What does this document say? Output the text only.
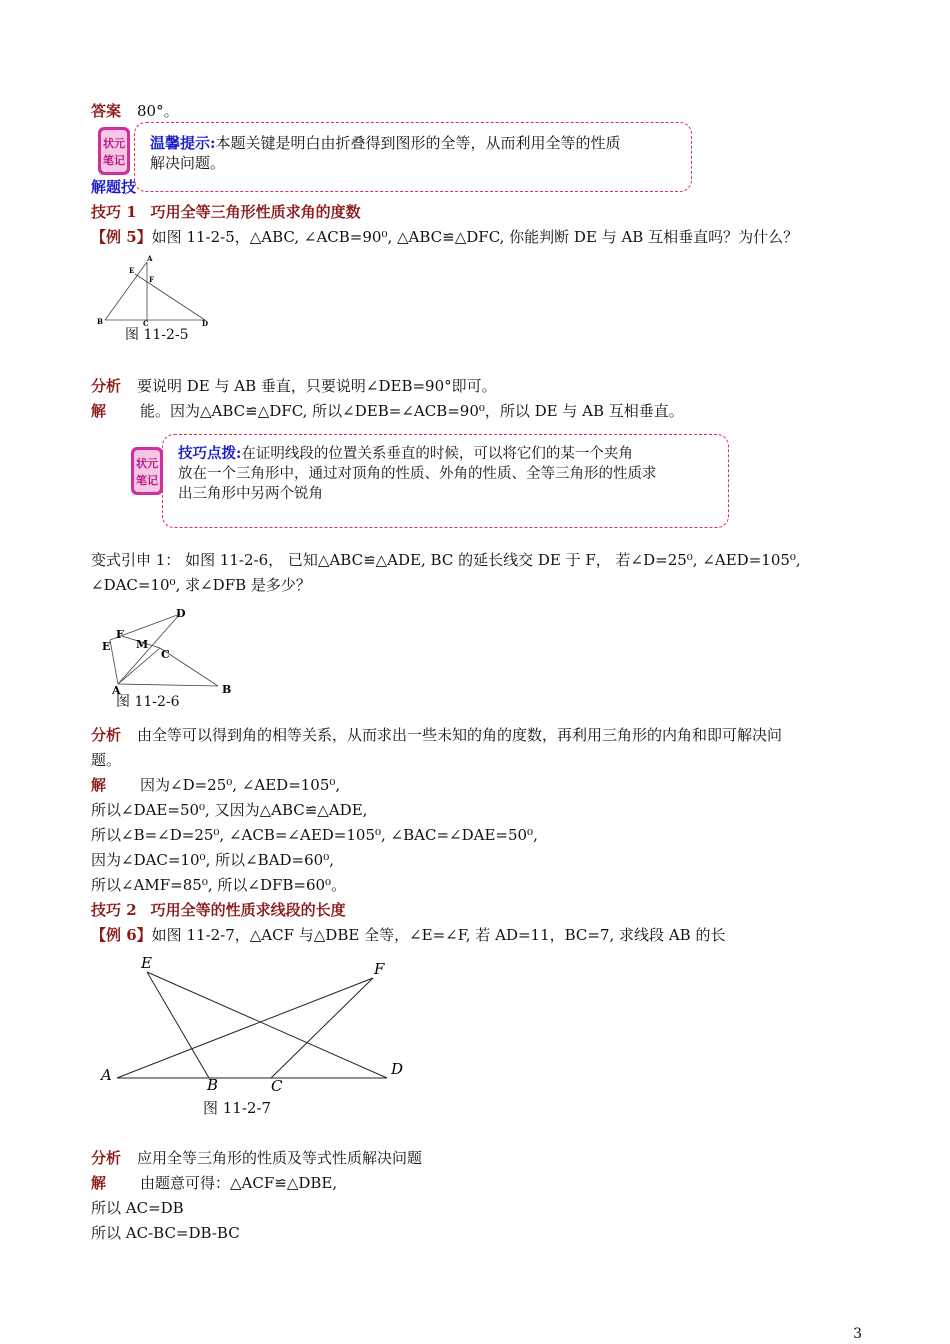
答案 80°。
状元
笔记
温馨提示:本题关键是明白由折叠得到图形的全等，从而利用全等的性质
解决问题。
解题技
技巧 1 巧用全等三角形性质求角的度数
【例 5】如图 11-2-5，△ABC, ∠ACB=90⁰, △ABC≌△DFC, 你能判断 DE 与 AB 互相垂直吗？为什么？
A
B	C	D
E
F
图 11-2-5
分析 要说明 DE 与 AB 垂直，只要说明∠DEB=90°即可。
解 能。因为△ABC≌△DFC, 所以∠DEB=∠ACB=90⁰，所以 DE 与 AB 互相垂直。
状元
笔记
技巧点拨:在证明线段的位置关系垂直的时候，可以将它们的某一个夹角
放在一个三角形中，通过对顶角的性质、外角的性质、全等三角形的性质求
出三角形中另两个锐角
变式引申 1： 如图 11-2-6， 已知△ABC≌△ADE, BC 的延长线交 DE 于 F， 若∠D=25⁰, ∠AED=105⁰,
∠DAC=10⁰, 求∠DFB 是多少？
D
F
E M
C
A	B
图 11-2-6
分析 由全等可以得到角的相等关系，从而求出一些未知的角的度数，再利用三角形的内角和即可解决问
题。
解 因为∠D=25⁰, ∠AED=105⁰,
所以∠DAE=50⁰, 又因为△ABC≌△ADE,
所以∠B=∠D=25⁰, ∠ACB=∠AED=105⁰, ∠BAC=∠DAE=50⁰,
因为∠DAC=10⁰, 所以∠BAD=60⁰,
所以∠AMF=85⁰, 所以∠DFB=60⁰。
技巧 2 巧用全等的性质求线段的长度
【例 6】如图 11-2-7，△ACF 与△DBE 全等，∠E=∠F, 若 AD=11，BC=7, 求线段 AB 的长
E	F
A
B	C
D
图 11-2-7
分析 应用全等三角形的性质及等式性质解决问题
解 由题意可得：△ACF≌△DBE,
所以 AC=DB
所以 AC-BC=DB-BC
3
